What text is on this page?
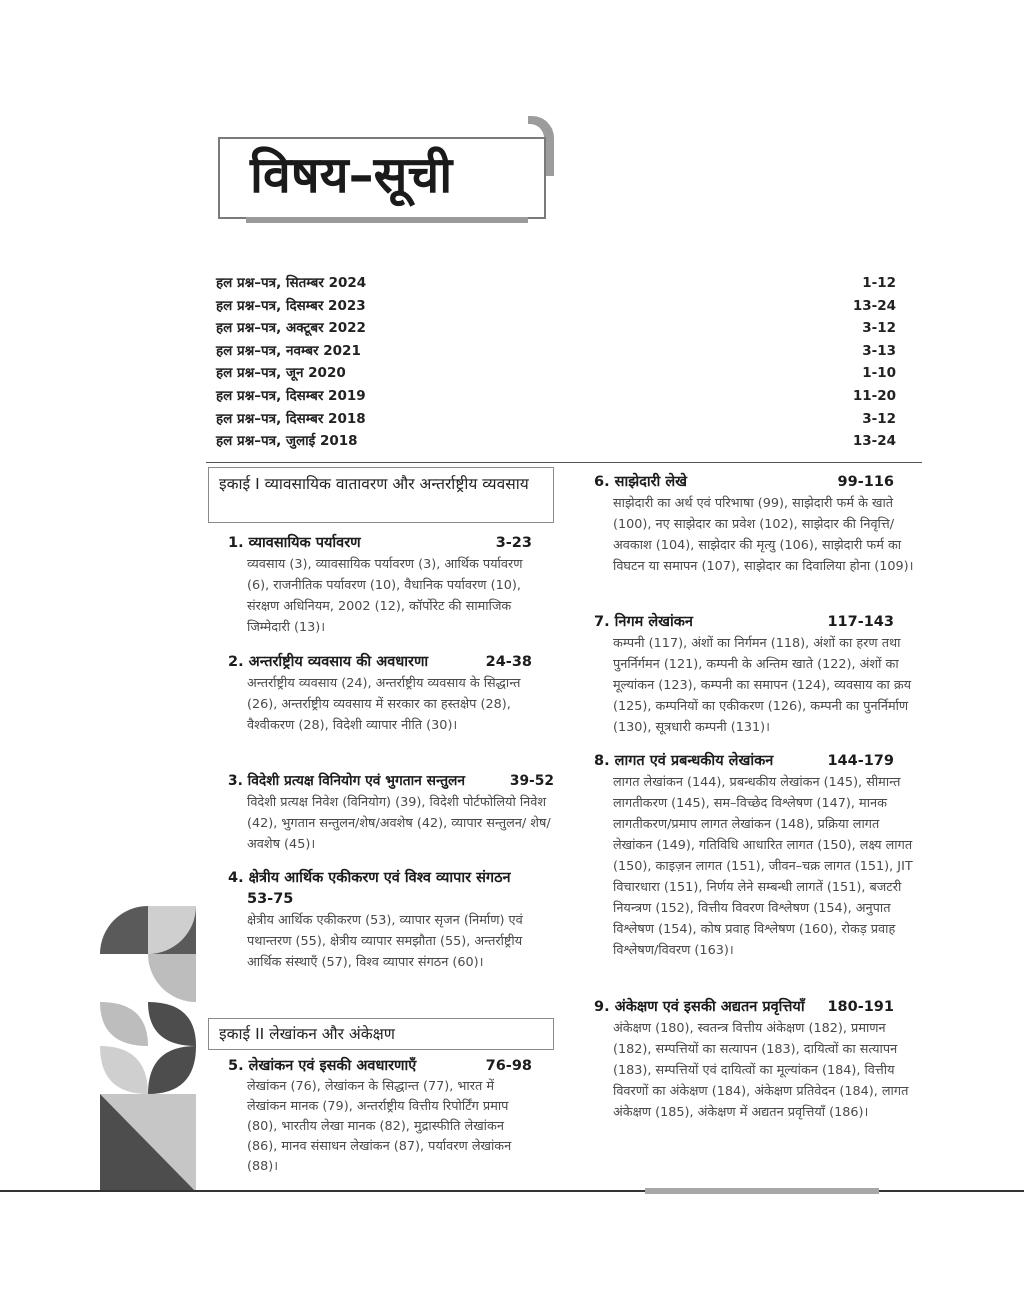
विषय–सूची
हल प्रश्न–पत्र, सितम्बर 2024	1-12
हल प्रश्न–पत्र, दिसम्बर 2023	13-24
हल प्रश्न–पत्र, अक्टूबर 2022	3-12
हल प्रश्न–पत्र, नवम्बर 2021	3-13
हल प्रश्न–पत्र, जून 2020	1-10
हल प्रश्न–पत्र, दिसम्बर 2019	11-20
हल प्रश्न–पत्र, दिसम्बर 2018	3-12
हल प्रश्न–पत्र, जुलाई 2018	13-24
इकाई I व्यावसायिक वातावरण और अन्तर्राष्ट्रीय व्यवसाय
1. व्यावसायिक पर्यावरण	3-23
व्यवसाय (3), व्यावसायिक पर्यावरण (3), आर्थिक पर्यावरण (6), राजनीतिक पर्यावरण (10), वैधानिक पर्यावरण (10), संरक्षण अधिनियम, 2002 (12), कॉर्पोरेट की सामाजिक जिम्मेदारी (13)।
2. अन्तर्राष्ट्रीय व्यवसाय की अवधारणा	24-38
अन्तर्राष्ट्रीय व्यवसाय (24), अन्तर्राष्ट्रीय व्यवसाय के सिद्धान्त (26), अन्तर्राष्ट्रीय व्यवसाय में सरकार का हस्तक्षेप (28), वैश्वीकरण (28), विदेशी व्यापार नीति (30)।
3. विदेशी प्रत्यक्ष विनियोग एवं भुगतान सन्तुलन	39-52
विदेशी प्रत्यक्ष निवेश (विनियोग) (39), विदेशी पोर्टफोलियो निवेश (42), भुगतान सन्तुलन/शेष/अवशेष (42), व्यापार सन्तुलन/ शेष/अवशेष (45)।
4. क्षेत्रीय आर्थिक एकीकरण एवं विश्व व्यापार संगठन
53-75
क्षेत्रीय आर्थिक एकीकरण (53), व्यापार सृजन (निर्माण) एवं पथान्तरण (55), क्षेत्रीय व्यापार समझौता (55), अन्तर्राष्ट्रीय आर्थिक संस्थाएँ (57), विश्व व्यापार संगठन (60)।
इकाई II लेखांकन और अंकेक्षण
5. लेखांकन एवं इसकी अवधारणाएँ	76-98
लेखांकन (76), लेखांकन के सिद्धान्त (77), भारत में लेखांकन मानक (79), अन्तर्राष्ट्रीय वित्तीय रिपोर्टिंग प्रमाप (80), भारतीय लेखा मानक (82), मुद्रास्फीति लेखांकन (86), मानव संसाधन लेखांकन (87), पर्यावरण लेखांकन (88)।
6. साझेदारी लेखे	99-116
साझेदारी का अर्थ एवं परिभाषा (99), साझेदारी फर्म के खाते (100), नए साझेदार का प्रवेश (102), साझेदार की निवृत्ति/अवकाश (104), साझेदार की मृत्यु (106), साझेदारी फर्म का विघटन या समापन (107), साझेदार का दिवालिया होना (109)।
7. निगम लेखांकन	117-143
कम्पनी (117), अंशों का निर्गमन (118), अंशों का हरण तथा पुनर्निर्गमन (121), कम्पनी के अन्तिम खाते (122), अंशों का मूल्यांकन (123), कम्पनी का समापन (124), व्यवसाय का क्रय (125), कम्पनियों का एकीकरण (126), कम्पनी का पुनर्निर्माण (130), सूत्रधारी कम्पनी (131)।
8. लागत एवं प्रबन्धकीय लेखांकन	144-179
लागत लेखांकन (144), प्रबन्धकीय लेखांकन (145), सीमान्त लागतीकरण (145), सम–विच्छेद विश्लेषण (147), मानक लागतीकरण/प्रमाप लागत लेखांकन (148), प्रक्रिया लागत लेखांकन (149), गतिविधि आधारित लागत (150), लक्ष्य लागत (150), काइज़न लागत (151), जीवन–चक्र लागत (151), JIT विचारधारा (151), निर्णय लेने सम्बन्धी लागतें (151), बजटरी नियन्त्रण (152), वित्तीय विवरण विश्लेषण (154), अनुपात विश्लेषण (154), कोष प्रवाह विश्लेषण (160), रोकड़ प्रवाह विश्लेषण/विवरण (163)।
9. अंकेक्षण एवं इसकी अद्यतन प्रवृत्तियाँ 180-191
अंकेक्षण (180), स्वतन्त्र वित्तीय अंकेक्षण (182), प्रमाणन (182), सम्पत्तियों का सत्यापन (183), दायित्वों का सत्यापन (183), सम्पत्तियों एवं दायित्वों का मूल्यांकन (184), वित्तीय विवरणों का अंकेक्षण (184), अंकेक्षण प्रतिवेदन (184), लागत अंकेक्षण (185), अंकेक्षण में अद्यतन प्रवृत्तियाँ (186)।
